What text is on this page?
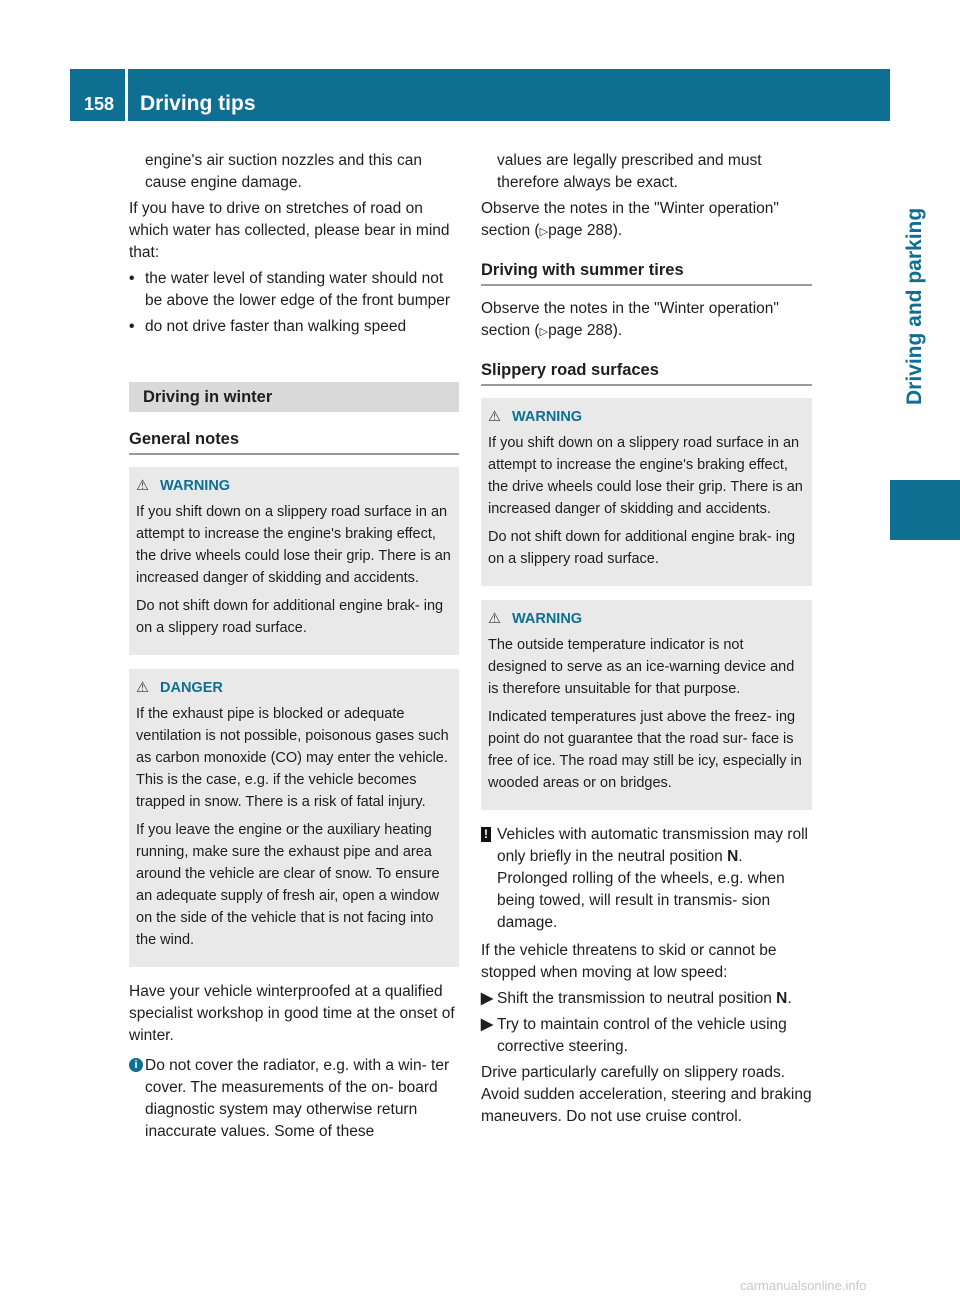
158	Driving tips
Driving and parking

engine's air suction nozzles and this can cause engine damage.

If you have to drive on stretches of road on which water has collected, please bear in mind that:

• the water level of standing water should not be above the lower edge of the front bumper
• do not drive faster than walking speed
Driving in winter
General notes
⚠ WARNING

If you shift down on a slippery road surface in an attempt to increase the engine's braking effect, the drive wheels could lose their grip. There is an increased danger of skidding and accidents.

Do not shift down for additional engine brak- ing on a slippery road surface.

⚠ DANGER

If the exhaust pipe is blocked or adequate ventilation is not possible, poisonous gases such as carbon monoxide (CO) may enter the vehicle. This is the case, e.g. if the vehicle becomes trapped in snow. There is a risk of fatal injury.

If you leave the engine or the auxiliary heating running, make sure the exhaust pipe and area around the vehicle are clear of snow. To ensure an adequate supply of fresh air, open a window on the side of the vehicle that is not facing into the wind.

Have your vehicle winterproofed at a qualified specialist workshop in good time at the onset of winter.

i Do not cover the radiator, e.g. with a win- ter cover. The measurements of the on- board diagnostic system may otherwise return inaccurate values. Some of these

values are legally prescribed and must therefore always be exact.

Observe the notes in the "Winter operation" section (▷page 288).

Driving with summer tires

Observe the notes in the "Winter operation" section (▷page 288).

Slippery road surfaces
⚠ WARNING

If you shift down on a slippery road surface in an attempt to increase the engine's braking effect, the drive wheels could lose their grip. There is an increased danger of skidding and accidents.

Do not shift down for additional engine brak- ing on a slippery road surface.

⚠ WARNING

The outside temperature indicator is not designed to serve as an ice-warning device and is therefore unsuitable for that purpose.

Indicated temperatures just above the freez- ing point do not guarantee that the road sur- face is free of ice. The road may still be icy, especially in wooded areas or on bridges.

! Vehicles with automatic transmission may roll only briefly in the neutral position N. Prolonged rolling of the wheels, e.g. when being towed, will result in transmis- sion damage.

If the vehicle threatens to skid or cannot be stopped when moving at low speed:

▶ Shift the transmission to neutral position N.
▶ Try to maintain control of the vehicle using corrective steering.

Drive particularly carefully on slippery roads. Avoid sudden acceleration, steering and braking maneuvers. Do not use cruise control.

carmanualsonline.info
